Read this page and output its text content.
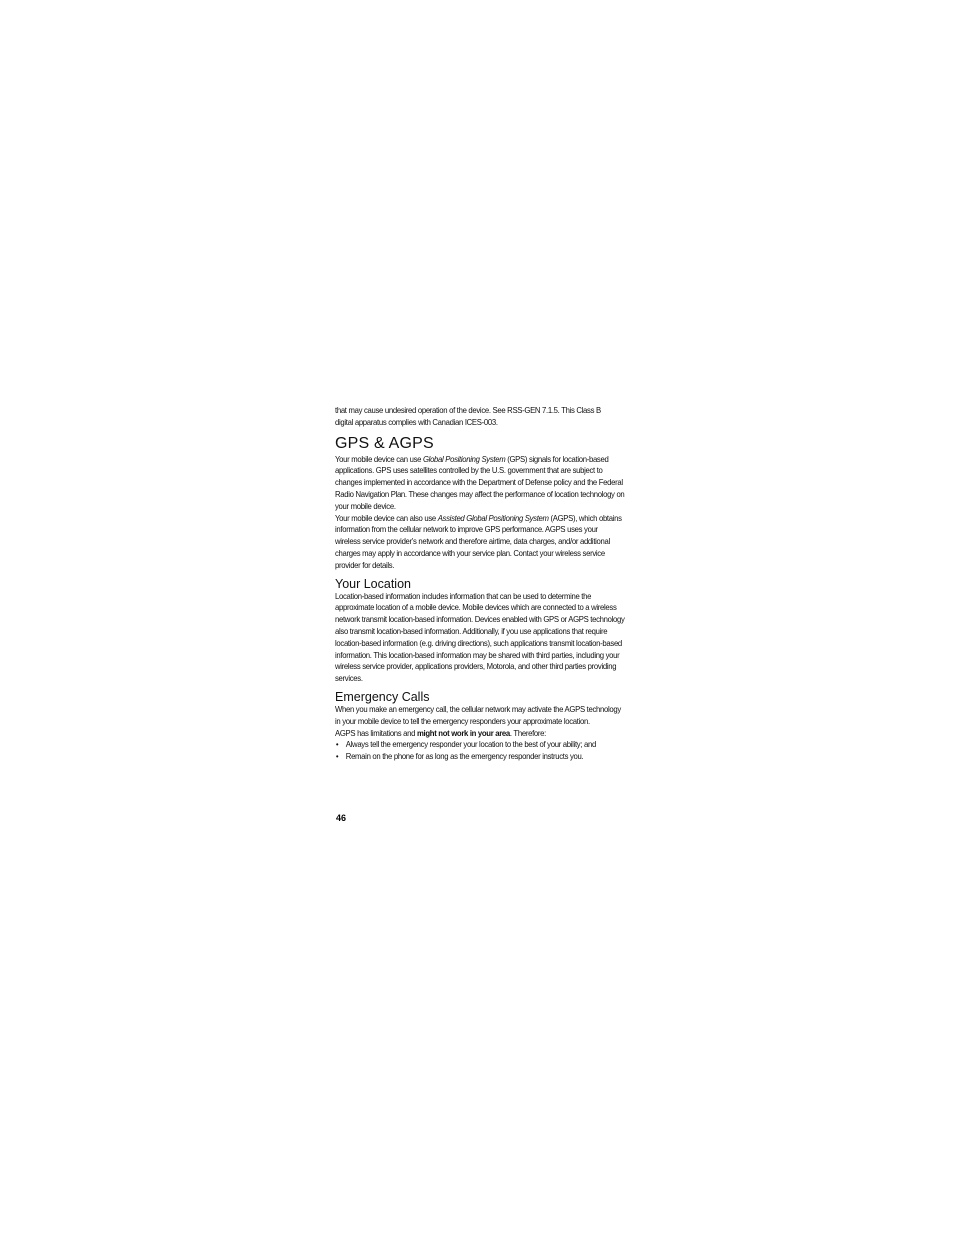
that may cause undesired operation of the device. See RSS-GEN 7.1.5. This Class B
digital apparatus complies with Canadian ICES-003.

GPS & AGPS

Your mobile device can use Global Positioning System (GPS) signals for location-based applications. GPS uses satellites controlled by the U.S. government that are subject to changes implemented in accordance with the Department of Defense policy and the Federal Radio Navigation Plan. These changes may affect the performance of location technology on your mobile device.

Your mobile device can also use Assisted Global Positioning System (AGPS), which obtains information from the cellular network to improve GPS performance. AGPS uses your wireless service provider's network and therefore airtime, data charges, and/or additional charges may apply in accordance with your service plan. Contact your wireless service provider for details.

Your Location

Location-based information includes information that can be used to determine the approximate location of a mobile device. Mobile devices which are connected to a wireless network transmit location-based information. Devices enabled with GPS or AGPS technology also transmit location-based information. Additionally, if you use applications that require location-based information (e.g. driving directions), such applications transmit location-based information. This location-based information may be shared with third parties, including your wireless service provider, applications providers, Motorola, and other third parties providing services.

Emergency Calls

When you make an emergency call, the cellular network may activate the AGPS technology in your mobile device to tell the emergency responders your approximate location.

AGPS has limitations and might not work in your area. Therefore:

• Always tell the emergency responder your location to the best of your ability; and
• Remain on the phone for as long as the emergency responder instructs you.
46
